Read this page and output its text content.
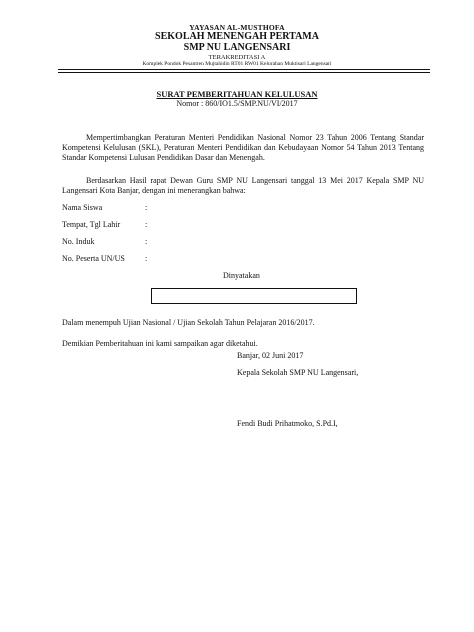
YAYASAN AL-MUSTHOFA
SEKOLAH MENENGAH PERTAMA
SMP NU LANGENSARI
TERAKREDITASI A
Komplek Pondok Pesantren Mujtahidin RT01 RW01 Kelurahan Muktisari Langensari
SURAT PEMBERITAHUAN KELULUSAN
Nomor : 860/IO1.5/SMP.NU/VI/2017
Mempertimbangkan Peraturan Menteri Pendidikan Nasional Nomor 23 Tahun 2006 Tentang Standar Kompetensi Kelulusan (SKL), Peraturan Menteri Pendidikan dan Kebudayaan Nomor 54 Tahun 2013 Tentang Standar Kompetensi Lulusan Pendidikan Dasar dan Menengah.
Berdasarkan Hasil rapat Dewan Guru SMP NU Langensari tanggal 13 Mei 2017 Kepala SMP NU Langensari Kota Banjar, dengan ini menerangkan bahwa:
Nama Siswa	:
Tempat, Tgl Lahir	:
No. Induk	:
No. Peserta UN/US	:
Dinyatakan
Dalam menempuh Ujian Nasional / Ujian Sekolah Tahun Pelajaran 2016/2017.
Demikian Pemberitahuan ini kami sampaikan agar diketahui.
Banjar, 02 Juni 2017
Kepala Sekolah SMP NU Langensari,
Fendi Budi Prihatmoko, S.Pd.I,
